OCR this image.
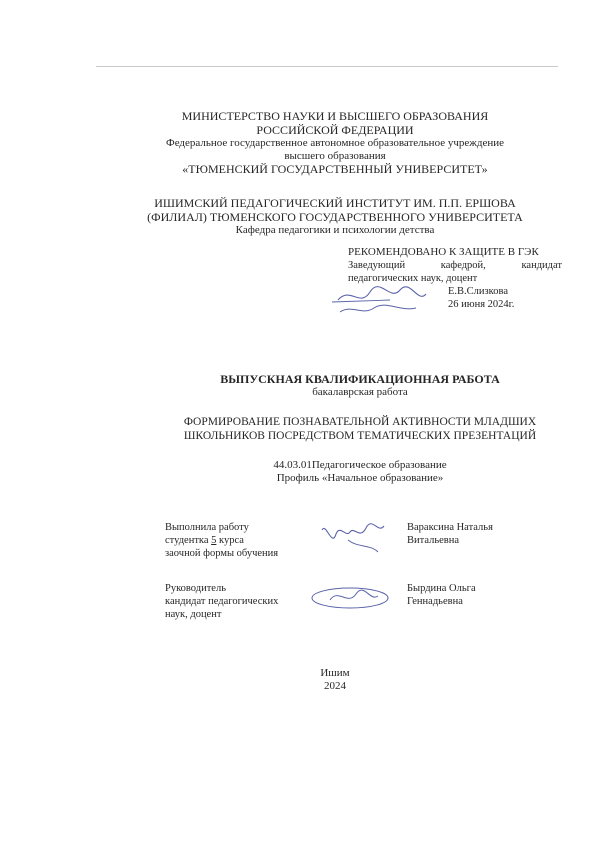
МИНИСТЕРСТВО НАУКИ И ВЫСШЕГО ОБРАЗОВАНИЯ
РОССИЙСКОЙ ФЕДЕРАЦИИ
Федеральное государственное автономное образовательное учреждение
высшего образования
«ТЮМЕНСКИЙ ГОСУДАРСТВЕННЫЙ УНИВЕРСИТЕТ»
ИШИМСКИЙ ПЕДАГОГИЧЕСКИЙ ИНСТИТУТ ИМ. П.П. ЕРШОВА
(ФИЛИАЛ) ТЮМЕНСКОГО ГОСУДАРСТВЕННОГО УНИВЕРСИТЕТА
Кафедра педагогики и психологии детства
РЕКОМЕНДОВАНО К ЗАЩИТЕ В ГЭК
Заведующий кафедрой, кандидат
педагогических наук, доцент
Е.В.Слизкова
26 июня 2024г.
ВЫПУСКНАЯ КВАЛИФИКАЦИОННАЯ РАБОТА
бакалаврская работа
ФОРМИРОВАНИЕ ПОЗНАВАТЕЛЬНОЙ АКТИВНОСТИ МЛАДШИХ
ШКОЛЬНИКОВ ПОСРЕДСТВОМ ТЕМАТИЧЕСКИХ ПРЕЗЕНТАЦИЙ
44.03.01Педагогическое образование
Профиль «Начальное образование»
Выполнила работу
студентка 5 курса
заочной формы обучения
Вараксина Наталья
Витальевна
Руководитель
кандидат педагогических
наук, доцент
Бырдина Ольга
Геннадьевна
Ишим
2024
